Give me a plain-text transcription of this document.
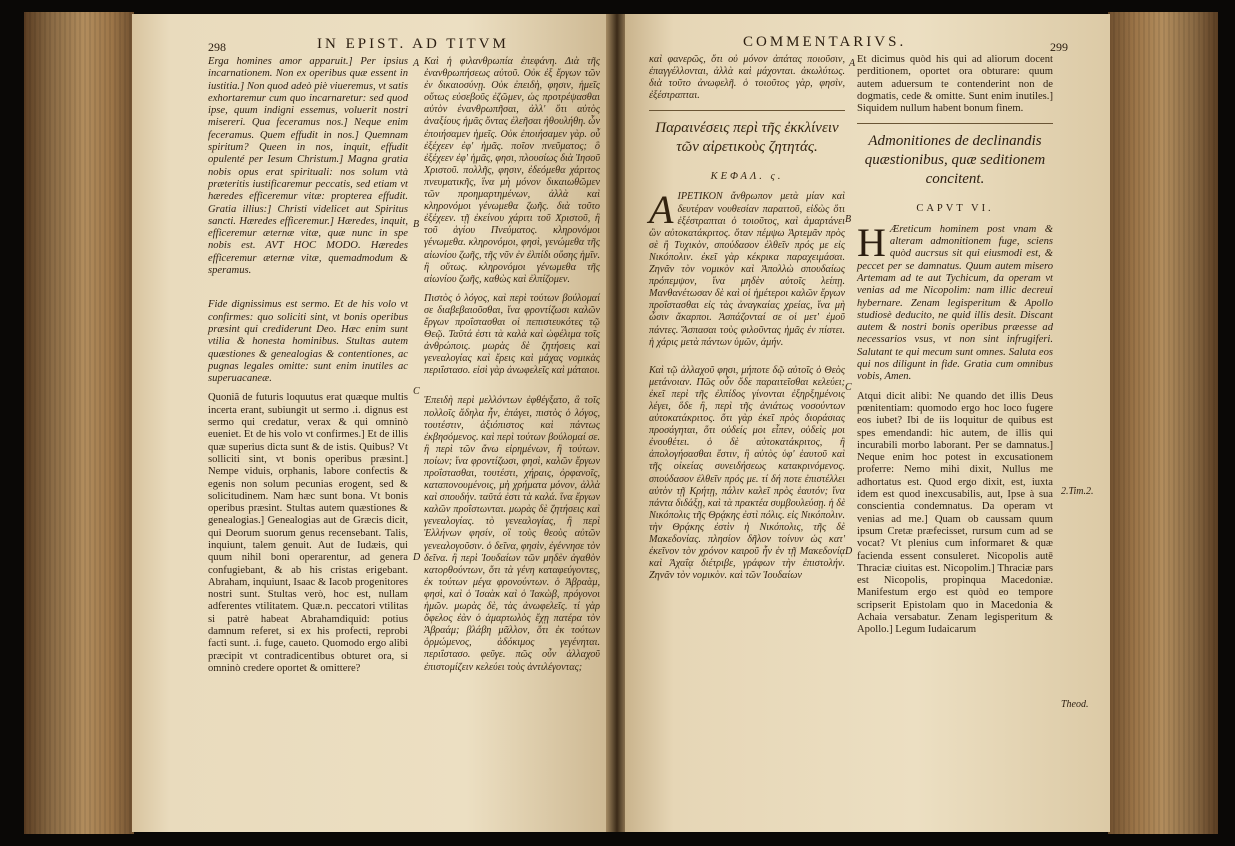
298	IN EPIST. AD TITVM

Erga homines amor apparuit.] Per ipsius incarnationem. Non ex operibus quæ essent in iustitia.] Non quod adeò piè viueremus, vt satis exhortaremur cum quo incarnaretur: sed quod ipse, quum indigni essemus, voluerit nostri misereri. Qua feceramus nos.] Neque enim feceramus. Quem effudit in nos.] Quemnam spiritum? Queen in nos, inquit, effudit opulenté per Iesum Christum.] Magna gratia nobis opus erat spirituali: nos solum vtà præteritis iustificaremur peccatis, sed etiam vt hæredes efficeremur vitæ: propterea effudit. Gratia illius:] Christi videlicet aut Spiritus sancti. Hæredes efficeremur.] Hæredes, inquit, efficeremur æternæ vitæ, quæ nunc in spe nobis est. AVT HOC MODO. Hæredes efficeremur æternæ vitæ, quemadmodum & speramus.

Fide dignissimus est sermo. Et de his volo vt confirmes: quo soliciti sint, vt bonis operibus præsint qui crediderunt Deo. Hæc enim sunt vtilia & honesta hominibus. Stultas autem quæstiones & genealogias & contentiones, ac pugnas legales omitte: sunt enim inutiles ac superuacaneæ.

Quoniã de futuris loquutus erat quæque multis incerta erant, subiungit ut sermo .i. dignus est sermo qui credatur, verax & qui omninò eueniet. Et de his volo vt confirmes.] Et de illis quæ superius dicta sunt & de istis. Quibus? Vt solliciti sint, vt bonis operibus præsint.] Nempe viduis, orphanis, labore confectis & egenis non solum pecunias erogent, sed & solicitudinem. Nam hæc sunt bona. Vt bonis operibus præsint. Stultas autem quæstiones & genealogias.] Genealogias aut de Græcis dicit, qui Deorum suorum genus recensebant. Talis, inquiunt, talem genuit. Aut de Iudæis, qui quum nihil boni operarentur, ad genera confugiebant, & ab his cristas erigebant. Abraham, inquiunt, Isaac & Iacob progenitores nostri sunt. Stultas verò, hoc est, nullam adferentes vtilitatem. Quæ.n. peccatori vtilitas si patrè habeat Abrahamdiquid: potius damnum referet, si ex his profecti, reprobi facti sunt. .i. fuge, caueto. Quomodo ergo alibi præcipit vt contradicentibus obturet ora, si omninò credere oportet & omittere?

A
B
C
D

Καὶ ἡ φιλανθρωπία ἐπεφάνη. Διὰ τῆς ἐνανθρωπήσεως αὐτοῦ. Οὐκ ἐξ ἔργων τῶν ἐν δικαιοσύνῃ. Οὐκ ἐπειδὴ, φησιν, ἡμεῖς οὕτως εὐσεβοῦς ἐζῶμεν, ὡς προτρέψασθαι αὐτὸν ἐνανθρωπῆσαι, ἀλλ' ὅτι αὐτὸς ἀναξίους ἡμᾶς ὄντας ἐλεῆσαι ἠθουλήθη. ὧν ἐποιήσαμεν ἡμεῖς. Οὐκ ἐποιήσαμεν γὰρ. οὗ ἐξέχεεν ἐφ' ἡμᾶς. ποῖον πνεῦματος; ὃ ἐξέχεεν ἐφ' ἡμᾶς, φησι, πλουσίως διὰ Ἰησοῦ Χριστοῦ. πολλῆς, φησιν, ἐδεόμεθα χάριτος πνευματικῆς, ἵνα μὴ μόνον δικαιωθῶμεν τῶν προημαρτημένων, ἀλλὰ καὶ κληρονόμοι γένωμεθα ζωῆς. διὰ τοῦτο ἐξέχεεν. τῇ ἐκείνου χάριτι τοῦ Χριστοῦ, ἢ τοῦ ἁγίου Πνεύματος. κληρονόμοι γένωμεθα. κληρονόμοι, φησὶ, γενώμεθα τῆς αἰωνίου ζωῆς, τῆς νῦν ἐν ἐλπίδι οὔσης ἡμῖν. ἢ οὕτως. κληρονόμοι γένωμεθα τῆς αἰωνίου ζωῆς, καθὼς καὶ ἐλπίζομεν.

Πιστὸς ὁ λόγος, καὶ περὶ τούτων βούλομαί σε διαβεβαιοῦσθαι, ἵνα φροντίζωσι καλῶν ἔργων προΐστασθαι οἱ πεπιστευκότες τῷ Θεῷ. Ταῦτά ἐστι τὰ καλὰ καὶ ὠφέλιμα τοῖς ἀνθρώποις. μωρὰς δὲ ζητήσεις καὶ γενεαλογίας καὶ ἔρεις καὶ μάχας νομικὰς περιΐστασο. εἰσὶ γὰρ ἀνωφελεῖς καὶ μάταιοι.

Ἐπειδὴ περὶ μελλόντων ἐφθέγξατο, ἃ τοῖς πολλοῖς ἄδηλα ἦν, ἐπάγει, πιστὸς ὁ λόγος, τουτέστιν, ἀξιόπιστος καὶ πάντως ἐκβησόμενος. καὶ περὶ τούτων βούλομαί σε. ἢ περὶ τῶν ἄνω εἰρημένων, ἢ τούτων. ποίων; ἵνα φροντίζωσι, φησὶ, καλῶν ἔργων προΐστασθαι, τουτέστι, χήραις, ὀρφανοῖς, καταπονουμένοις, μὴ χρήματα μόνον, ἀλλὰ καὶ σπουδήν. ταῦτά ἐστι τὰ καλά. ἵνα ἔργων καλῶν προΐστωνται. μωρὰς δὲ ζητήσεις καὶ γενεαλογίας. τὸ γενεαλογίας, ἢ περὶ Ἑλλήνων φησίν, οἳ τοὺς θεοὺς αὐτῶν γενεαλογοῦσιν. ὁ δεῖνα, φησὶν, ἐγέννησε τὸν δεῖνα. ἢ περὶ Ἰουδαίων τῶν μηδὲν ἀγαθὸν κατορθούντων, ὅτι τὰ γένη καταφεύγοντες, ἐκ τούτων μέγα φρονούντων. ὁ Ἀβραὰμ, φησὶ, καὶ ὁ Ἰσαὰκ καὶ ὁ Ἰακὼβ, πρόγονοι ἡμῶν. μωρὰς δὲ, τὰς ἀνωφελεῖς. τί γὰρ ὄφελος ἐὰν ὁ ἁμαρτωλὸς ἔχῃ πατέρα τὸν Ἀβραάμ; βλάβη μᾶλλον, ὅτι ἐκ τούτων ὁρμώμενος, ἀδόκιμος γεγένηται. περιΐστασο. φεῦγε. πῶς οὖν ἀλλαχοῦ ἐπιστομίζειν κελεύει τοὺς ἀντιλέγοντας;

COMMENTARIVS.	299

καὶ φανερῶς, ὅτι οὐ μόνον ἀπάτας ποιοῦσιν, ἐπαγγέλλονται, ἀλλὰ καὶ μάχονται. ἀκωλύτως. διὰ τοῦτο ἀνωφελῆ. ὁ τοιοῦτος γὰρ, φησὶν, ἐξέστραπται.

Παραινέσεις περὶ τῆς ἐκκλίνειν τῶν αἱρετικοὺς ζητητάς.
ΚΕΦΑΛ. ς.

ΑΙΡΕΤΙΚΟΝ ἄνθρωπον μετὰ μίαν καὶ δευτέραν νουθεσίαν παραιτοῦ, εἰδὼς ὅτι ἐξέστραπται ὁ τοιοῦτος, καὶ ἁμαρτάνει ὢν αὐτοκατάκριτος. ὅταν πέμψω Ἀρτεμᾶν πρὸς σὲ ἢ Τυχικὸν, σπούδασον ἐλθεῖν πρός με εἰς Νικόπολιν. ἐκεῖ γὰρ κέκρικα παραχειμάσαι. Ζηνᾶν τὸν νομικὸν καὶ Ἀπολλὼ σπουδαίως πρόπεμψον, ἵνα μηδὲν αὐτοῖς λείπῃ. Μανθανέτωσαν δὲ καὶ οἱ ἡμέτεροι καλῶν ἔργων προΐστασθαι εἰς τὰς ἀναγκαίας χρείας, ἵνα μὴ ὦσιν ἄκαρποι. Ἀσπάζονταί σε οἱ μετ' ἐμοῦ πάντες. Ἄσπασαι τοὺς φιλοῦντας ἡμᾶς ἐν πίστει. ἡ χάρις μετὰ πάντων ὑμῶν, ἀμήν.

Καὶ τῷ ἀλλαχοῦ φησι, μήποτε δῷ αὐτοῖς ὁ Θεὸς μετάνοιαν. Πῶς οὖν ὅδε παραιτεῖσθαι κελεύει; ἐκεῖ περὶ τῆς ἐλπίδος γίνονται ἐξηρξημένοις λέγει, ὅδε ἢ, περὶ τῆς ἀνιάτως νοσούντων αὐτοκατάκριτος. ὅτι γὰρ ἐκεῖ πρὸς διοράσιας προσάγηται, ὅτι οὐδείς μοι εἶπεν, οὐδεὶς μοι ἐνουθέτει. ὁ δὲ αὐτοκατάκριτος, ἢ ἀπολογήσασθαι ἔστιν, ἢ αὐτὸς ὑφ' ἑαυτοῦ καὶ τῆς οἰκείας συνειδήσεως κατακρινόμενος. σπούδασον ἐλθεῖν πρός με. τί δή ποτε ἐπιστέλλει αὐτὸν τῇ Κρήτῃ, πάλιν καλεῖ πρὸς ἑαυτόν; ἵνα πάντα διδάξῃ, καὶ τὰ πρακτέα συμβουλεύσῃ. ἡ δὲ Νικόπολις τῆς Θρᾴκης ἐστὶ πόλις. εἰς Νικόπολιν. τὴν Θρᾴκης ἐστὶν ἡ Νικόπολις, τῆς δὲ Μακεδονίας. πλησίον δῆλον τοίνυν ὡς κατ' ἐκεῖνον τὸν χρόνον καιροῦ ἦν ἐν τῇ Μακεδονίᾳ καὶ Ἀχαΐᾳ διέτριβε, γράφων τὴν ἐπιστολήν. Ζηνᾶν τὸν νομικὸν. καὶ τῶν Ἰουδαίων

A
B
C
D

Et dicimus quòd his qui ad aliorum docent perditionem, oportet ora obturare: quum autem aduersum te contenderint non de dogmatis, cede & omitte. Sunt enim inutiles.] Siquidem nullum habent bonum finem.

Admonitiones de declinandis quæstionibus, quæ seditionem concitent.
CAPVT VI.

H Æreticum hominem post vnam & alteram admonitionem fuge, sciens quòd aucrsus sit qui eiusmodi est, & peccet per se damnatus. Quum autem misero Artemam ad te aut Tychicum, da operam vt venias ad me Nicopolim: nam illic decreui hybernare. Zenam legisperitum & Apollo studiosè deducito, ne quid illis desit. Discant autem & nostri bonis operibus præesse ad necessarios vsus, vt non sint infrugiferi. Salutant te qui mecum sunt omnes. Saluta eos qui nos diligunt in fide. Gratia cum omnibus vobis, Amen.

Atqui dicit alibi: Ne quando det illis Deus pœnitentiam: quomodo ergo hoc loco fugere eos iubet? Ibi de iis loquitur de quibus est spes emendandi: hic autem, de illis qui incurabili morbo laborant. Per se damnatus.] Neque enim hoc potest in excusationem proferre: Nemo mihi dixit, Nullus me adhortatus est. Quod ergo dixit, est, iuxta idem est quod inexcusabilis, aut, Ipse à sua conscientia condemnatus. Da operam vt venias ad me.] Quam ob caussam quum ipsum Cretæ præfecisset, rursum cum ad se vocat? Vt plenius cum informaret & quæ facienda essent consuleret. Nicopolis autē Thraciæ ciuitas est. Nicopolim.] Thraciæ pars est Nicopolis, propinqua Macedoniæ. Manifestum ergo est quòd eo tempore scripserit Epistolam quo in Macedonia & Achaia versabatur. Zenam legisperitum & Apollo.] Legum Iudaicarum

2.Tim.2.
Theod.
